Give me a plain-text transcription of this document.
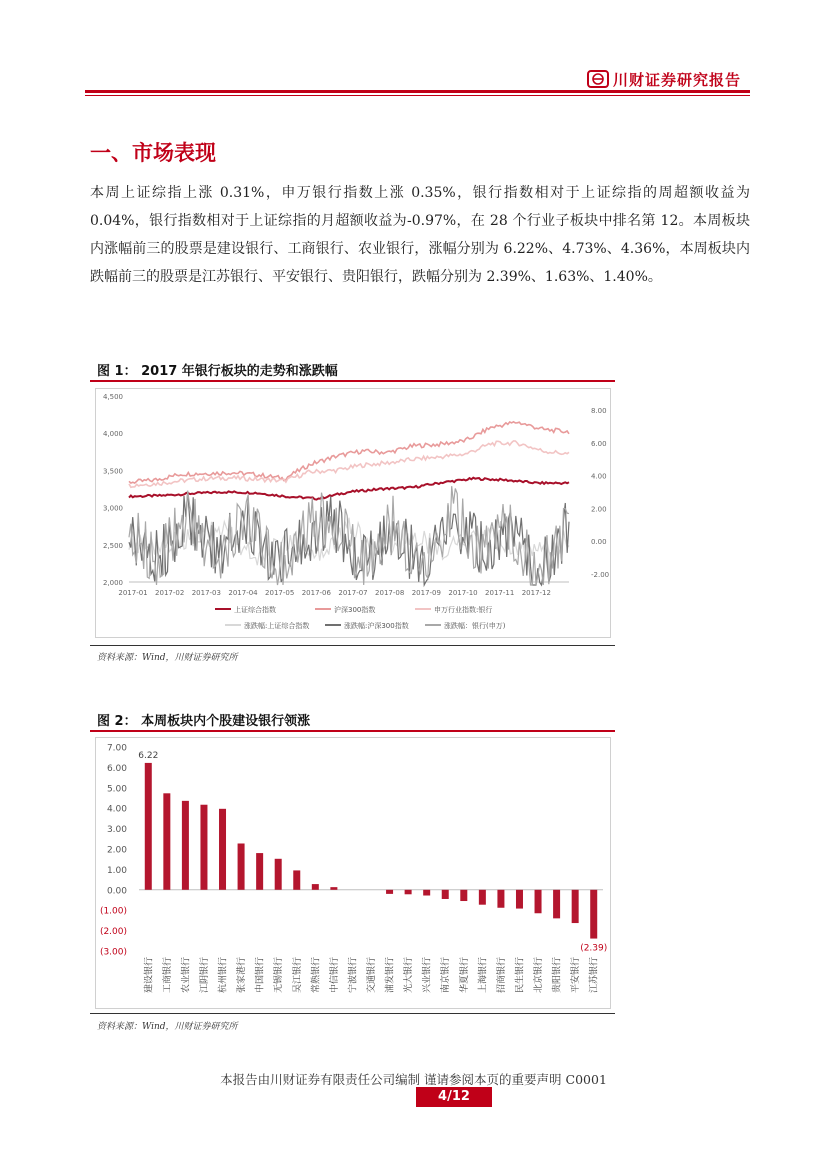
川财证券研究报告
一、市场表现
本周上证综指上涨 0.31%，申万银行指数上涨 0.35%，银行指数相对于上证综指的周超额收益为 0.04%，银行指数相对于上证综指的月超额收益为-0.97%，在 28 个行业子板块中排名第 12。本周板块内涨幅前三的股票是建设银行、工商银行、农业银行，涨幅分别为 6.22%、4.73%、4.36%，本周板块内跌幅前三的股票是江苏银行、平安银行、贵阳银行，跌幅分别为 2.39%、1.63%、1.40%。
图 1： 2017 年银行板块的走势和涨跌幅
4,500
4,000
3,500
3,000
2,500
2,000
8.00
6.00
4.00
2.00
0.00
-2.00
2017-01 2017-02 2017-03 2017-04 2017-05 2017-06 2017-07 2017-08 2017-09 2017-10 2017-11 2017-12
上证综合指数	沪深300指数	申万行业指数:银行
涨跌幅:上证综合指数	涨跌幅:沪深300指数	涨跌幅：银行(申万)
资料来源：Wind，川财证券研究所
图 2： 本周板块内个股建设银行领涨
7.00
6.00
5.00
4.00
3.00
2.00
1.00
0.00
(1.00)
(2.00)
(3.00)
建设银行 工商银行 农业银行 江阴银行 杭州银行 张家港行 中国银行 无锡银行 吴江银行 常熟银行 中信银行 宁波银行 交通银行 浦发银行 光大银行 兴业银行 南京银行 华夏银行 上海银行 招商银行 民生银行 北京银行 贵阳银行 平安银行 江苏银行
6.22
(2.39)
资料来源：Wind，川财证券研究所
本报告由川财证券有限责任公司编制 谨请参阅本页的重要声明 C0001
4/12
